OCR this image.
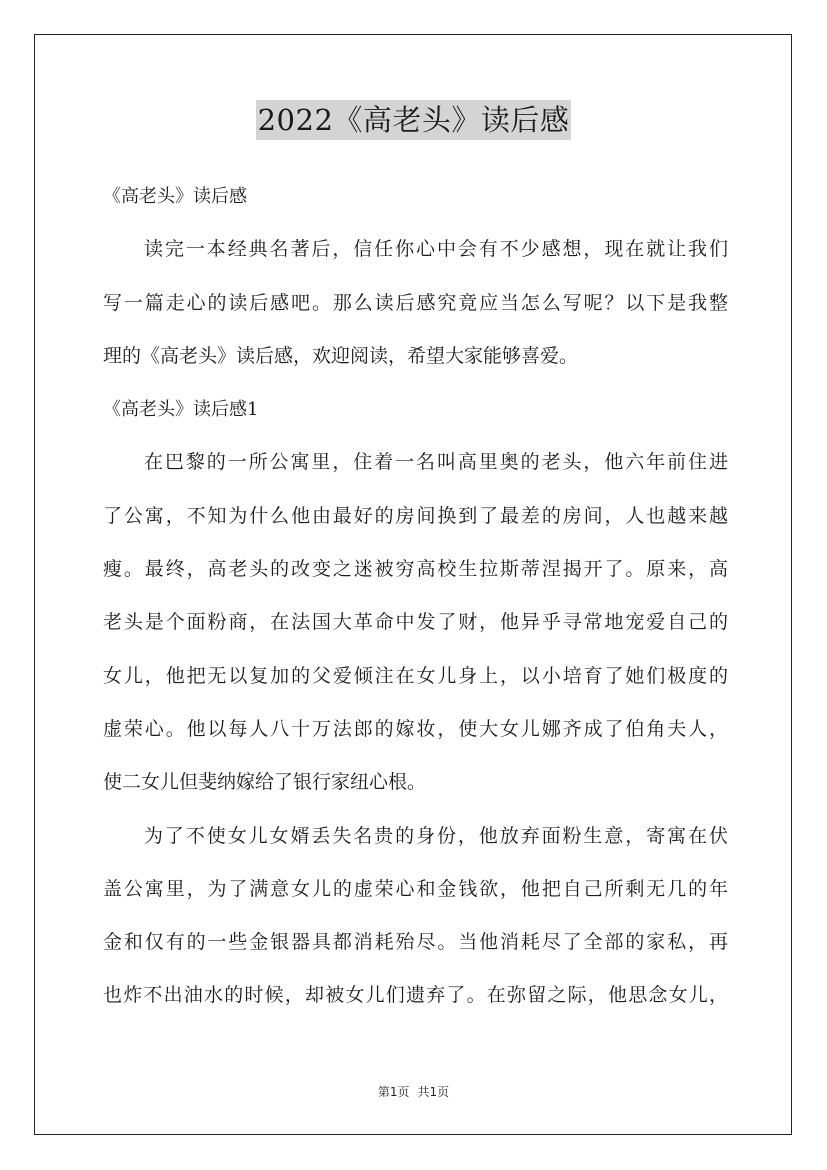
2022《高老头》读后感
《高老头》读后感
读完一本经典名著后，信任你心中会有不少感想，现在就让我们
写一篇走心的读后感吧。那么读后感究竟应当怎么写呢？以下是我整
理的《高老头》读后感，欢迎阅读，希望大家能够喜爱。
《高老头》读后感1
在巴黎的一所公寓里，住着一名叫高里奥的老头，他六年前住进
了公寓，不知为什么他由最好的房间换到了最差的房间，人也越来越
瘦。最终，高老头的改变之迷被穷高校生拉斯蒂涅揭开了。原来，高
老头是个面粉商，在法国大革命中发了财，他异乎寻常地宠爱自己的
女儿，他把无以复加的父爱倾注在女儿身上，以小培育了她们极度的
虚荣心。他以每人八十万法郎的嫁妆，使大女儿娜齐成了伯角夫人，
使二女儿但斐纳嫁给了银行家纽心根。
为了不使女儿女婿丢失名贵的身份，他放弃面粉生意，寄寓在伏
盖公寓里，为了满意女儿的虚荣心和金钱欲，他把自己所剩无几的年
金和仅有的一些金银器具都消耗殆尽。当他消耗尽了全部的家私，再
也炸不出油水的时候，却被女儿们遗弃了。在弥留之际，他思念女儿，
第1页 共1页
